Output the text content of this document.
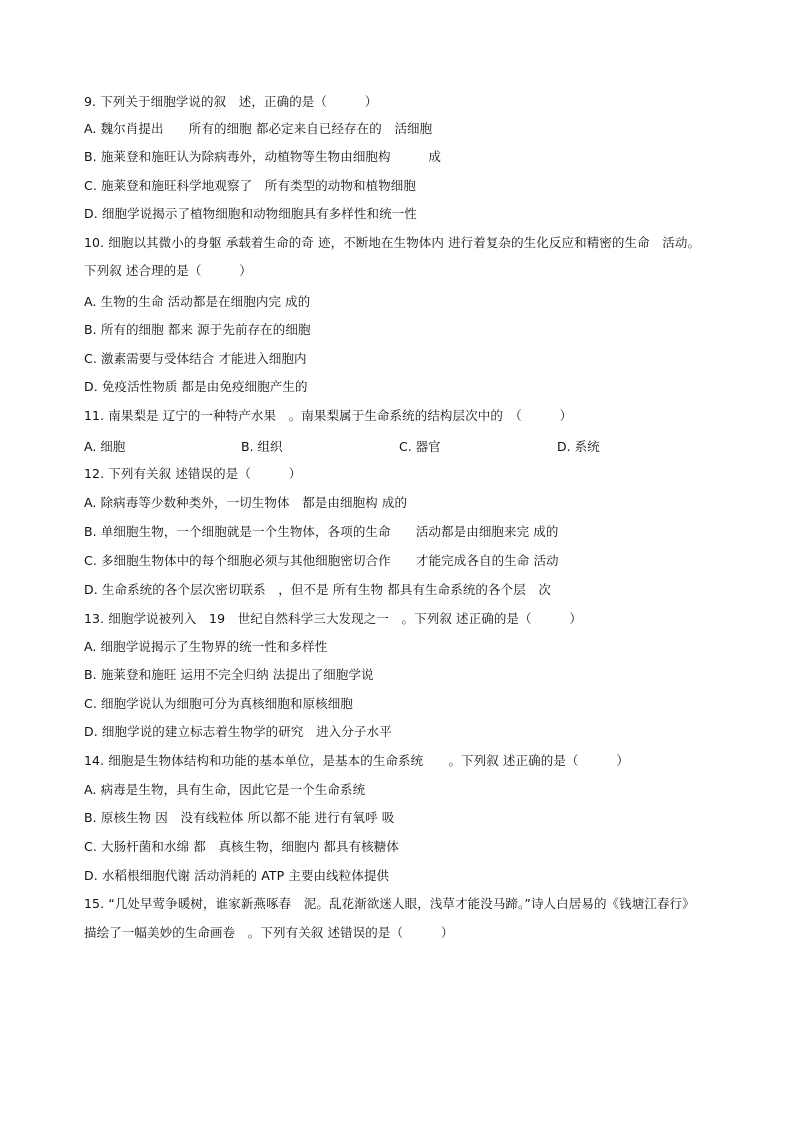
9. 下列关于细胞学说的叙　述，正确的是（　　　）
A. 魏尔肖提出　　所有的细胞 都必定来自已经存在的　活细胞
B. 施莱登和施旺认为除病毒外，动植物等生物由细胞构　　　成
C. 施莱登和施旺科学地观察了　所有类型的动物和植物细胞
D. 细胞学说揭示了植物细胞和动物细胞具有多样性和统一性
10. 细胞以其微小的身躯 承载着生命的奇 迹，不断地在生物体内 进行着复杂的生化反应和精密的生命　活动。
下列叙 述合理的是（　　　）
A. 生物的生命 活动都是在细胞内完 成的
B. 所有的细胞 都来 源于先前存在的细胞
C. 激素需要与受体结合 才能进入细胞内
D. 免疫活性物质 都是由免疫细胞产生的
11. 南果梨是 辽宁的一种特产水果　。南果梨属于生命系统的结构层次中的　（　　　）
A. 细胞	B. 组织	C. 器官	D. 系统
12. 下列有关叙 述错误的是（　　　）
A. 除病毒等少数种类外，一切生物体　都是由细胞构 成的
B. 单细胞生物，一个细胞就是一个生物体，各项的生命　　活动都是由细胞来完 成的
C. 多细胞生物体中的每个细胞必须与其他细胞密切合作　　才能完成各自的生命 活动
D. 生命系统的各个层次密切联系　，但不是 所有生物 都具有生命系统的各个层　次
13. 细胞学说被列入　19　世纪自然科学三大发现之一　。下列叙 述正确的是（　　　）
A. 细胞学说揭示了生物界的统一性和多样性
B. 施莱登和施旺 运用不完全归纳 法提出了细胞学说
C. 细胞学说认为细胞可分为真核细胞和原核细胞
D. 细胞学说的建立标志着生物学的研究　进入分子水平
14. 细胞是生物体结构和功能的基本单位，是基本的生命系统　　。下列叙 述正确的是（　　　）
A. 病毒是生物，具有生命，因此它是一个生命系统
B. 原核生物 因　没有线粒体 所以都不能 进行有氧呼 吸
C. 大肠杆菌和水绵 都　真核生物，细胞内 都具有核糖体
D. 水稻根细胞代谢 活动消耗的 ATP 主要由线粒体提供
15. “几处早莺争暖树，谁家新燕啄春　泥。乱花渐欲迷人眼，浅草才能没马蹄。”诗人白居易的《钱塘江春行》
描绘了一幅美妙的生命画卷　。下列有关叙 述错误的是（　　　）
